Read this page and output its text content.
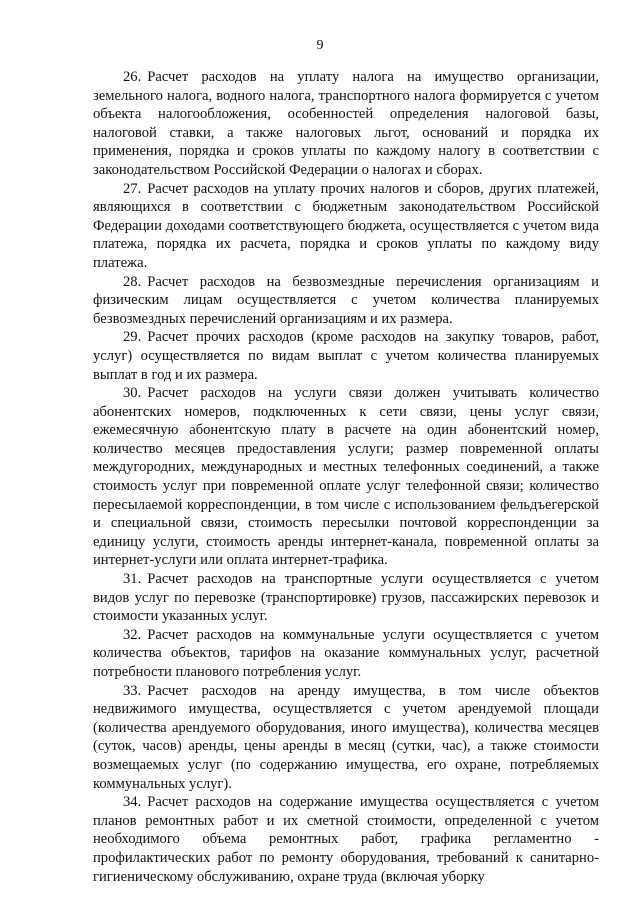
9

26. Расчет расходов на уплату налога на имущество организации, земельного налога, водного налога, транспортного налога формируется с учетом объекта налогообложения, особенностей определения налоговой базы, налоговой ставки, а также налоговых льгот, оснований и порядка их применения, порядка и сроков уплаты по каждому налогу в соответствии с законодательством Российской Федерации о налогах и сборах.

27. Расчет расходов на уплату прочих налогов и сборов, других платежей, являющихся в соответствии с бюджетным законодательством Российской Федерации доходами соответствующего бюджета, осуществляется с учетом вида платежа, порядка их расчета, порядка и сроков уплаты по каждому виду платежа.

28. Расчет расходов на безвозмездные перечисления организациям и физическим лицам осуществляется с учетом количества планируемых безвозмездных перечислений организациям и их размера.

29. Расчет прочих расходов (кроме расходов на закупку товаров, работ, услуг) осуществляется по видам выплат с учетом количества планируемых выплат в год и их размера.

30. Расчет расходов на услуги связи должен учитывать количество абонентских номеров, подключенных к сети связи, цены услуг связи, ежемесячную абонентскую плату в расчете на один абонентский номер, количество месяцев предоставления услуги; размер повременной оплаты междугородних, международных и местных телефонных соединений, а также стоимость услуг при повременной оплате услуг телефонной связи; количество пересылаемой корреспонденции, в том числе с использованием фельдъегерской и специальной связи, стоимость пересылки почтовой корреспонденции за единицу услуги, стоимость аренды интернет-канала, повременной оплаты за интернет-услуги или оплата интернет-трафика.

31. Расчет расходов на транспортные услуги осуществляется с учетом видов услуг по перевозке (транспортировке) грузов, пассажирских перевозок и стоимости указанных услуг.

32. Расчет расходов на коммунальные услуги осуществляется с учетом количества объектов, тарифов на оказание коммунальных услуг, расчетной потребности планового потребления услуг.

33. Расчет расходов на аренду имущества, в том числе объектов недвижимого имущества, осуществляется с учетом арендуемой площади (количества арендуемого оборудования, иного имущества), количества месяцев (суток, часов) аренды, цены аренды в месяц (сутки, час), а также стоимости возмещаемых услуг (по содержанию имущества, его охране, потребляемых коммунальных услуг).

34. Расчет расходов на содержание имущества осуществляется с учетом планов ремонтных работ и их сметной стоимости, определенной с учетом необходимого объема ремонтных работ, графика регламентно - профилактических работ по ремонту оборудования, требований к санитарно-гигиеническому обслуживанию, охране труда (включая уборку
